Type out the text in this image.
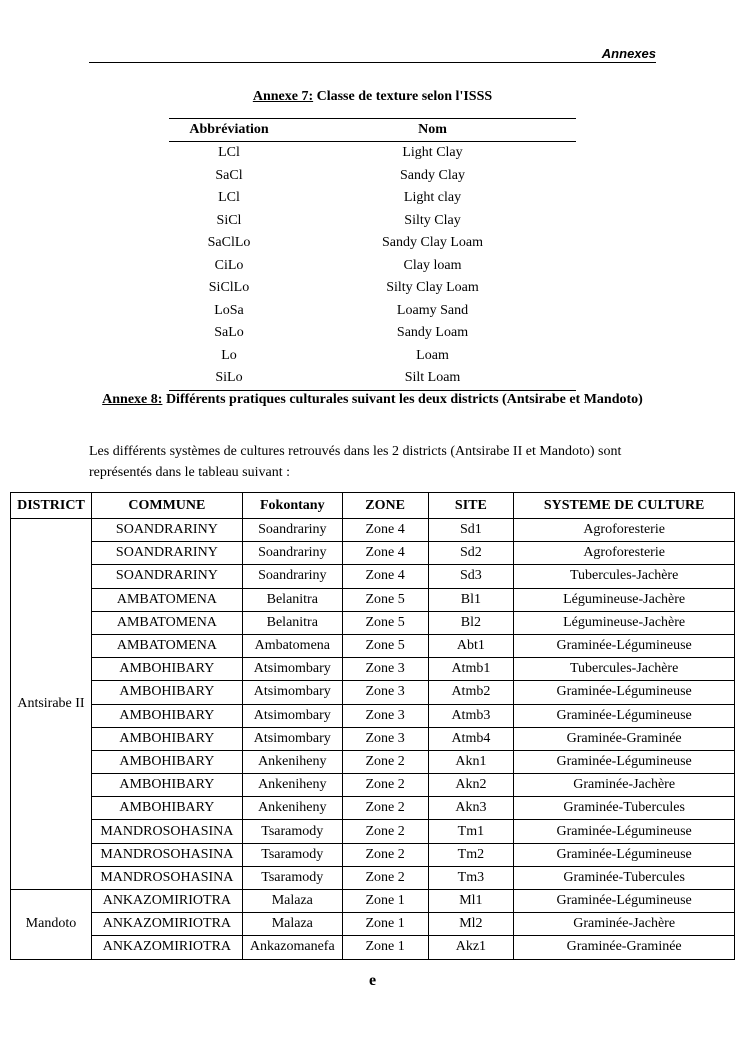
Annexes
Annexe 7: Classe de texture selon l'ISSS
Abbréviation	Nom
LCl	Light Clay
SaCl	Sandy Clay
LCl	Light clay
SiCl	Silty Clay
SaClLo	Sandy Clay Loam
CiLo	Clay loam
SiClLo	Silty Clay Loam
LoSa	Loamy Sand
SaLo	Sandy Loam
Lo	Loam
SiLo	Silt Loam
Annexe 8: Différents pratiques culturales suivant les deux districts (Antsirabe et Mandoto)
Les différents systèmes de cultures retrouvés dans les 2 districts (Antsirabe II et Mandoto) sont représentés dans le tableau suivant :
DISTRICT	COMMUNE	Fokontany	ZONE	SITE	SYSTEME DE CULTURE
Antsirabe II	SOANDRARINY	Soandrariny	Zone 4	Sd1	Agroforesterie
	SOANDRARINY	Soandrariny	Zone 4	Sd2	Agroforesterie
	SOANDRARINY	Soandrariny	Zone 4	Sd3	Tubercules-Jachère
	AMBATOMENA	Belanitra	Zone 5	Bl1	Légumineuse-Jachère
	AMBATOMENA	Belanitra	Zone 5	Bl2	Légumineuse-Jachère
	AMBATOMENA	Ambatomena	Zone 5	Abt1	Graminée-Légumineuse
	AMBOHIBARY	Atsimombary	Zone 3	Atmb1	Tubercules-Jachère
	AMBOHIBARY	Atsimombary	Zone 3	Atmb2	Graminée-Légumineuse
	AMBOHIBARY	Atsimombary	Zone 3	Atmb3	Graminée-Légumineuse
	AMBOHIBARY	Atsimombary	Zone 3	Atmb4	Graminée-Graminée
	AMBOHIBARY	Ankeniheny	Zone 2	Akn1	Graminée-Légumineuse
	AMBOHIBARY	Ankeniheny	Zone 2	Akn2	Graminée-Jachère
	AMBOHIBARY	Ankeniheny	Zone 2	Akn3	Graminée-Tubercules
	MANDROSOHASINA	Tsaramody	Zone 2	Tm1	Graminée-Légumineuse
	MANDROSOHASINA	Tsaramody	Zone 2	Tm2	Graminée-Légumineuse
	MANDROSOHASINA	Tsaramody	Zone 2	Tm3	Graminée-Tubercules
Mandoto	ANKAZOMIRIOTRA	Malaza	Zone 1	Ml1	Graminée-Légumineuse
	ANKAZOMIRIOTRA	Malaza	Zone 1	Ml2	Graminée-Jachère
	ANKAZOMIRIOTRA	Ankazomanefa	Zone 1	Akz1	Graminée-Graminée
e
